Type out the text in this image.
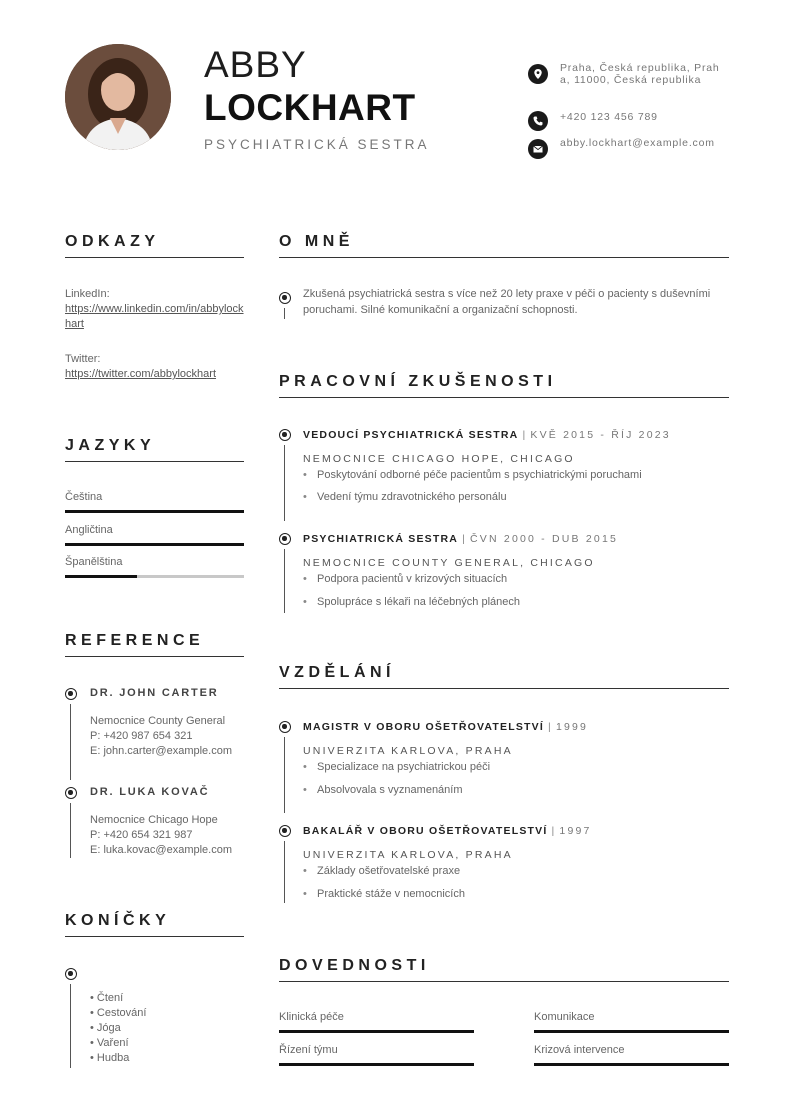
ABBY
LOCKHART
PSYCHIATRICKÁ SESTRA
Praha, Česká republika, Praha, 11000, Česká republika
+420 123 456 789
abby.lockhart@example.com
ODKAZY
LinkedIn:
https://www.linkedin.com/in/abbylockhart
Twitter:
https://twitter.com/abbylockhart
JAZYKY
Čeština
Angličtina
Španělština
REFERENCE
DR. JOHN CARTER
Nemocnice County General
P: +420 987 654 321
E: john.carter@example.com
DR. LUKA KOVAČ
Nemocnice Chicago Hope
P: +420 654 321 987
E: luka.kovac@example.com
KONÍČKY
• Čtení
• Cestování
• Jóga
• Vaření
• Hudba
O MNĚ
Zkušená psychiatrická sestra s více než 20 lety praxe v péči o pacienty s duševními poruchami. Silné komunikační a organizační schopnosti.
PRACOVNÍ ZKUŠENOSTI
VEDOUCÍ PSYCHIATRICKÁ SESTRA | KVĚ 2015 - ŘÍJ 2023
NEMOCNICE CHICAGO HOPE, CHICAGO
• Poskytování odborné péče pacientům s psychiatrickými poruchami
• Vedení týmu zdravotnického personálu
PSYCHIATRICKÁ SESTRA | ČVN 2000 - DUB 2015
NEMOCNICE COUNTY GENERAL, CHICAGO
• Podpora pacientů v krizových situacích
• Spolupráce s lékaři na léčebných plánech
VZDĚLÁNÍ
MAGISTR V OBORU OŠETŘOVATELSTVÍ | 1999
UNIVERZITA KARLOVA, PRAHA
• Specializace na psychiatrickou péči
• Absolvovala s vyznamenáním
BAKALÁŘ V OBORU OŠETŘOVATELSTVÍ | 1997
UNIVERZITA KARLOVA, PRAHA
• Základy ošetřovatelské praxe
• Praktické stáže v nemocnicích
DOVEDNOSTI
Klinická péče	Komunikace
Řízení týmu	Krizová intervence
